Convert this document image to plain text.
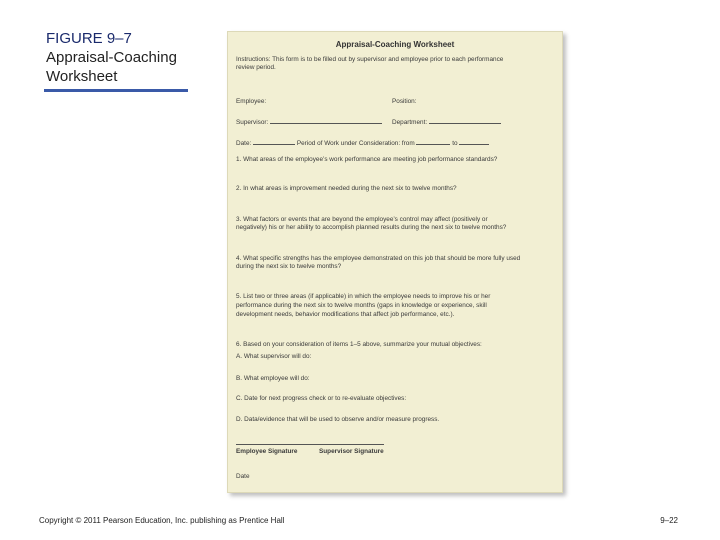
FIGURE 9–7
Appraisal-Coaching
Worksheet
Appraisal-Coaching Worksheet
Instructions: This form is to be filled out by supervisor and employee prior to each performance
review period.
Employee:	Position:
Supervisor:	Department:
Date:	Period of Work under Consideration: from	to
1. What areas of the employee’s work performance are meeting job performance standards?
2. In what areas is improvement needed during the next six to twelve months?
3. What factors or events that are beyond the employee’s control may affect (positively or
negatively) his or her ability to accomplish planned results during the next six to twelve months?
4. What specific strengths has the employee demonstrated on this job that should be more fully used
during the next six to twelve months?
5. List two or three areas (if applicable) in which the employee needs to improve his or her
performance during the next six to twelve months (gaps in knowledge or experience, skill
development needs, behavior modifications that affect job performance, etc.).
6. Based on your consideration of items 1–5 above, summarize your mutual objectives:
A. What supervisor will do:
B. What employee will do:
C. Date for next progress check or to re-evaluate objectives:
D. Data/evidence that will be used to observe and/or measure progress.
Employee Signature	Supervisor Signature
Date
Copyright © 2011 Pearson Education, Inc. publishing as Prentice Hall	9–22
